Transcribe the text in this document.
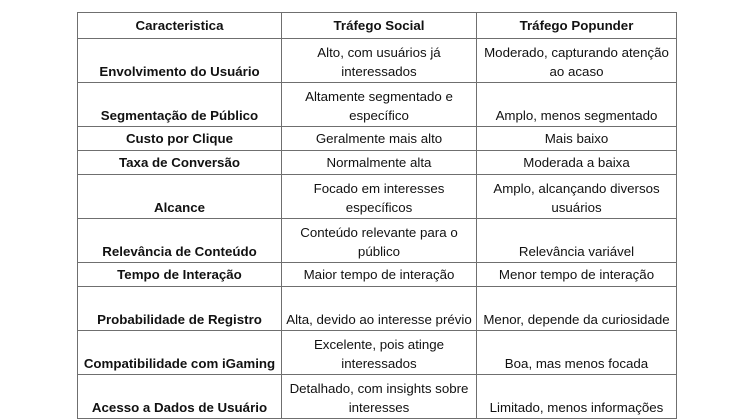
Caracteristica	Tráfego Social	Tráfego Popunder
Envolvimento do Usuário	Alto, com usuários já interessados	Moderado, capturando atenção ao acaso
Segmentação de Público	Altamente segmentado e específico	Amplo, menos segmentado
Custo por Clique	Geralmente mais alto	Mais baixo
Taxa de Conversão	Normalmente alta	Moderada a baixa
Alcance	Focado em interesses específicos	Amplo, alcançando diversos usuários
Relevância de Conteúdo	Conteúdo relevante para o público	Relevância variável
Tempo de Interação	Maior tempo de interação	Menor tempo de interação
Probabilidade de Registro	Alta, devido ao interesse prévio	Menor, depende da curiosidade
Compatibilidade com iGaming	Excelente, pois atinge interessados	Boa, mas menos focada
Acesso a Dados de Usuário	Detalhado, com insights sobre interesses	Limitado, menos informações
